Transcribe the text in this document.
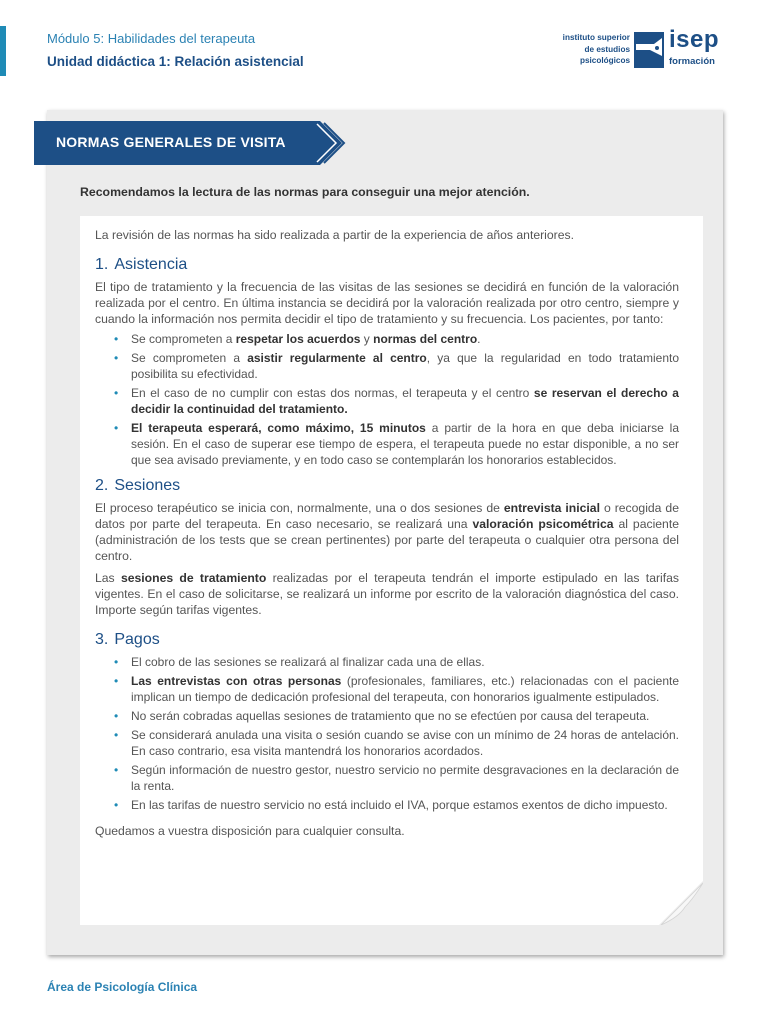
Módulo 5: Habilidades del terapeuta
Unidad didáctica 1: Relación asistencial
instituto superior
de estudios
psicológicos
isep
formación
NORMAS GENERALES DE VISITA
Recomendamos la lectura de las normas para conseguir una mejor atención.

La revisión de las normas ha sido realizada a partir de la experiencia de años anteriores.

1. Asistencia

El tipo de tratamiento y la frecuencia de las visitas de las sesiones se decidirá en función de la valoración realizada por el centro. En última instancia se decidirá por la valoración realizada por otro centro, siempre y cuando la información nos permita decidir el tipo de tratamiento y su frecuencia. Los pacientes, por tanto:

• Se comprometen a respetar los acuerdos y normas del centro.
• Se comprometen a asistir regularmente al centro, ya que la regularidad en todo tratamiento posibilita su efectividad.
• En el caso de no cumplir con estas dos normas, el terapeuta y el centro se reservan el derecho a decidir la continuidad del tratamiento.
• El terapeuta esperará, como máximo, 15 minutos a partir de la hora en que deba iniciarse la sesión. En el caso de superar ese tiempo de espera, el terapeuta puede no estar disponible, a no ser que sea avisado previamente, y en todo caso se contemplarán los honorarios establecidos.
2. Sesiones

El proceso terapéutico se inicia con, normalmente, una o dos sesiones de entrevista inicial o recogida de datos por parte del terapeuta. En caso necesario, se realizará una valoración psicométrica al paciente (administración de los tests que se crean pertinentes) por parte del terapeuta o cualquier otra persona del centro.

Las sesiones de tratamiento realizadas por el terapeuta tendrán el importe estipulado en las tarifas vigentes. En el caso de solicitarse, se realizará un informe por escrito de la valoración diagnóstica del caso. Importe según tarifas vigentes.

3. Pagos
• El cobro de las sesiones se realizará al finalizar cada una de ellas.
• Las entrevistas con otras personas (profesionales, familiares, etc.) relacionadas con el paciente implican un tiempo de dedicación profesional del terapeuta, con honorarios igualmente estipulados.
• No serán cobradas aquellas sesiones de tratamiento que no se efectúen por causa del terapeuta.
• Se considerará anulada una visita o sesión cuando se avise con un mínimo de 24 horas de antelación. En caso contrario, esa visita mantendrá los honorarios acordados.
• Según información de nuestro gestor, nuestro servicio no permite desgravaciones en la declaración de la renta.
• En las tarifas de nuestro servicio no está incluido el IVA, porque estamos exentos de dicho impuesto.

Quedamos a vuestra disposición para cualquier consulta.

Área de Psicología Clínica
